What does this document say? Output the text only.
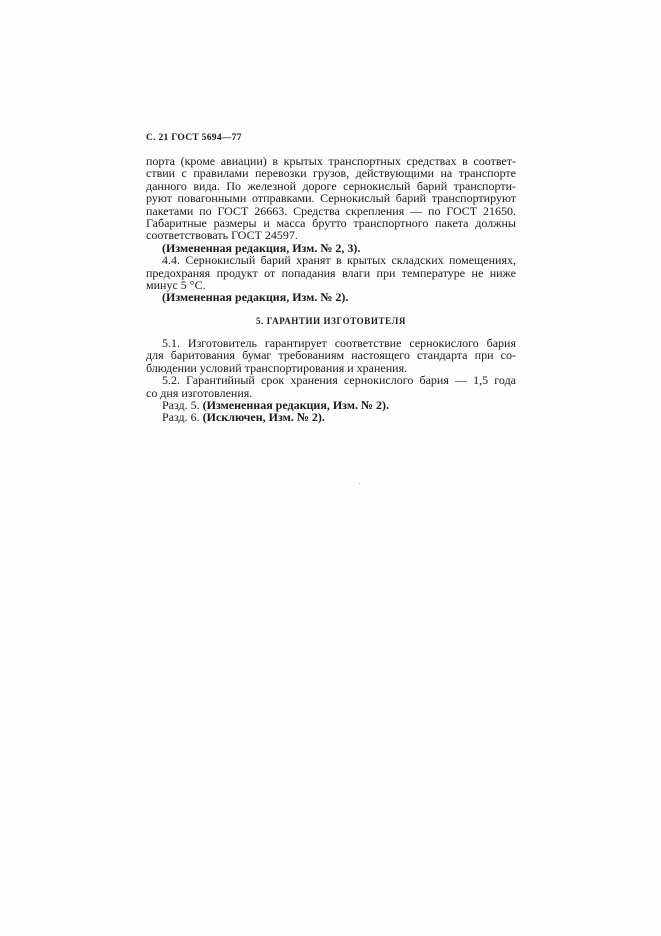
С. 21 ГОСТ 5694—77
порта (кроме авиации) в крытых транспортных средствах в соответ-
ствии с правилами перевозки грузов, действующими на транспорте
данного вида. По железной дороге сернокислый барий транспорти-
руют повагонными отправками. Сернокислый барий транспортируют
пакетами по ГОСТ 26663. Средства скрепления — по ГОСТ 21650.
Габаритные размеры и масса брутто транспортного пакета должны
соответствовать ГОСТ 24597.
(Измененная редакция, Изм. № 2, 3).
4.4. Сернокислый барий хранят в крытых складских помещениях,
предохраняя продукт от попадания влаги при температуре не ниже
минус 5 °С.
(Измененная редакция, Изм. № 2).
5. ГАРАНТИИ ИЗГОТОВИТЕЛЯ
5.1. Изготовитель гарантирует соответствие сернокислого бария
для баритования бумаг требованиям настоящего стандарта при со-
блюдении условий транспортирования и хранения.
5.2. Гарантийный срок хранения сернокислого бария — 1,5 года
со дня изготовления.
Разд. 5. (Измененная редакция, Изм. № 2).
Разд. 6. (Исключен, Изм. № 2).
